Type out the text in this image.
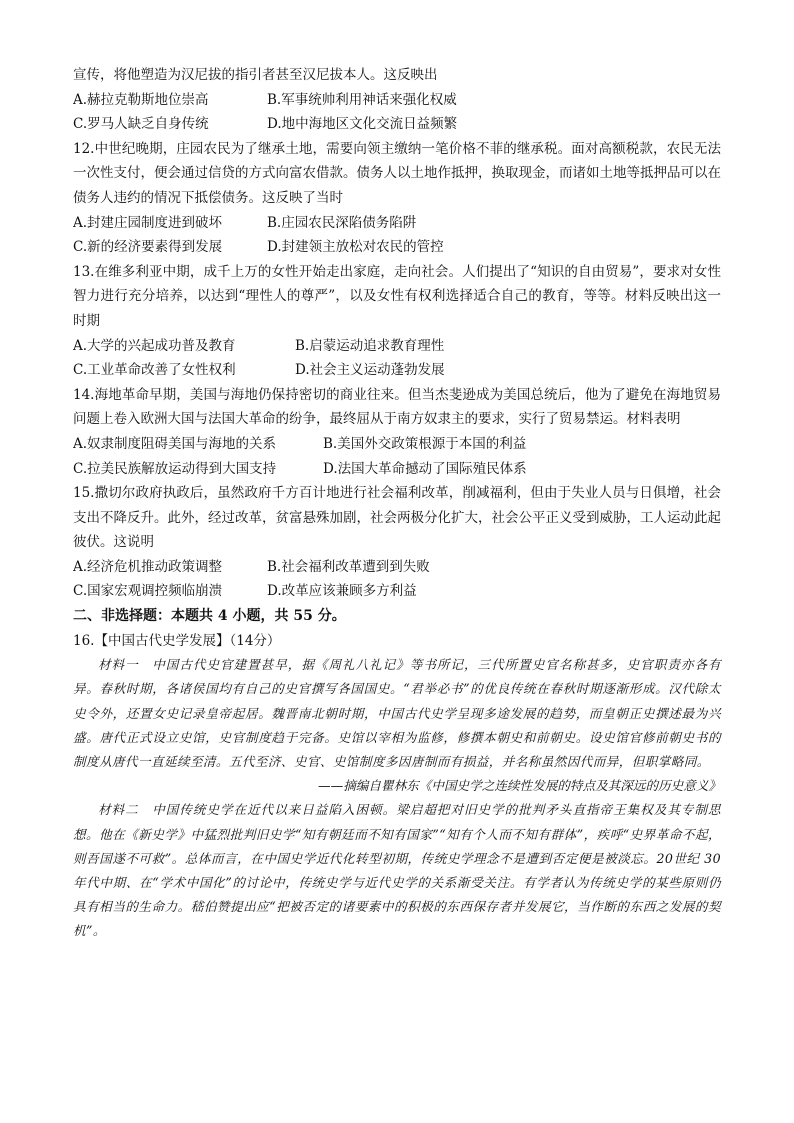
宣传，将他塑造为汉尼拔的指引者甚至汉尼拔本人。这反映出
A.赫拉克勒斯地位崇高	B.军事统帅利用神话来强化权威
C.罗马人缺乏自身传统	D.地中海地区文化交流日益频繁
12.中世纪晚期，庄园农民为了继承土地，需要向领主缴纳一笔价格不菲的继承税。面对高额税款，农民无法一次性支付，便会通过信贷的方式向富农借款。债务人以土地作抵押，换取现金，而诸如土地等抵押品可以在债务人违约的情况下抵偿债务。这反映了当时
A.封建庄园制度进到破坏	B.庄园农民深陷债务陷阱
C.新的经济要素得到发展	D.封建领主放松对农民的管控
13.在维多利亚中期，成千上万的女性开始走出家庭，走向社会。人们提出了“知识的自由贸易”，要求对女性智力进行充分培养，以达到“理性人的尊严”，以及女性有权利选择适合自己的教育，等等。材料反映出这一时期
A.大学的兴起成功普及教育	B.启蒙运动追求教育理性
C.工业革命改善了女性权利	D.社会主义运动蓬勃发展
14.海地革命早期，美国与海地仍保持密切的商业往来。但当杰斐逊成为美国总统后，他为了避免在海地贸易问题上卷入欧洲大国与法国大革命的纷争，最终屈从于南方奴隶主的要求，实行了贸易禁运。材料表明
A.奴隶制度阻碍美国与海地的关系	B.美国外交政策根源于本国的利益
C.拉美民族解放运动得到大国支持	D.法国大革命撼动了国际殖民体系
15.撒切尔政府执政后，虽然政府千方百计地进行社会福利改革，削减福利，但由于失业人员与日俱增，社会支出不降反升。此外，经过改革，贫富悬殊加剧，社会两极分化扩大，社会公平正义受到威胁，工人运动此起彼伏。这说明
A.经济危机推动政策调整	B.社会福利改革遭到到失败
C.国家宏观调控频临崩溃	D.改革应该兼顾多方利益
二、非选择题：本题共 4 小题，共 55 分。
16.【中国古代史学发展】（14分）

材料一　中国古代史官建置甚早，据《周礼八礼记》等书所记，三代所置史官名称甚多，史官职责亦各有异。春秋时期，各诸侯国均有自己的史官撰写各国国史。“君举必书”的优良传统在春秋时期逐渐形成。汉代除太史令外，还置女史记录皇帝起居。魏晋南北朝时期，中国古代史学呈现多途发展的趋势，而皇朝正史撰述最为兴盛。唐代正式设立史馆，史官制度趋于完备。史馆以宰相为监修，修撰本朝史和前朝史。设史馆官修前朝史书的制度从唐代一直延续至清。五代至济、史官、史馆制度多因唐制而有损益，并名称虽然因代而异，但职掌略同。

——摘编自瞿林东《中国史学之连续性发展的特点及其深远的历史意义》

材料二　中国传统史学在近代以来日益陷入困顿。梁启超把对旧史学的批判矛头直指帝王集权及其专制思想。他在《新史学》中猛烈批判旧史学“知有朝廷而不知有国家”“知有个人而不知有群体”，疾呼“史界革命不起，则吾国遂不可救”。总体而言，在中国史学近代化转型初期，传统史学理念不是遭到否定便是被淡忘。20世纪 30年代中期、在“学术中国化”的讨论中，传统史学与近代史学的关系渐受关注。有学者认为传统史学的某些原则仍具有相当的生命力。嵇伯赞提出应“把被否定的诸要素中的积极的东西保存者并发展它，当作断的东西之发展的契机”。
